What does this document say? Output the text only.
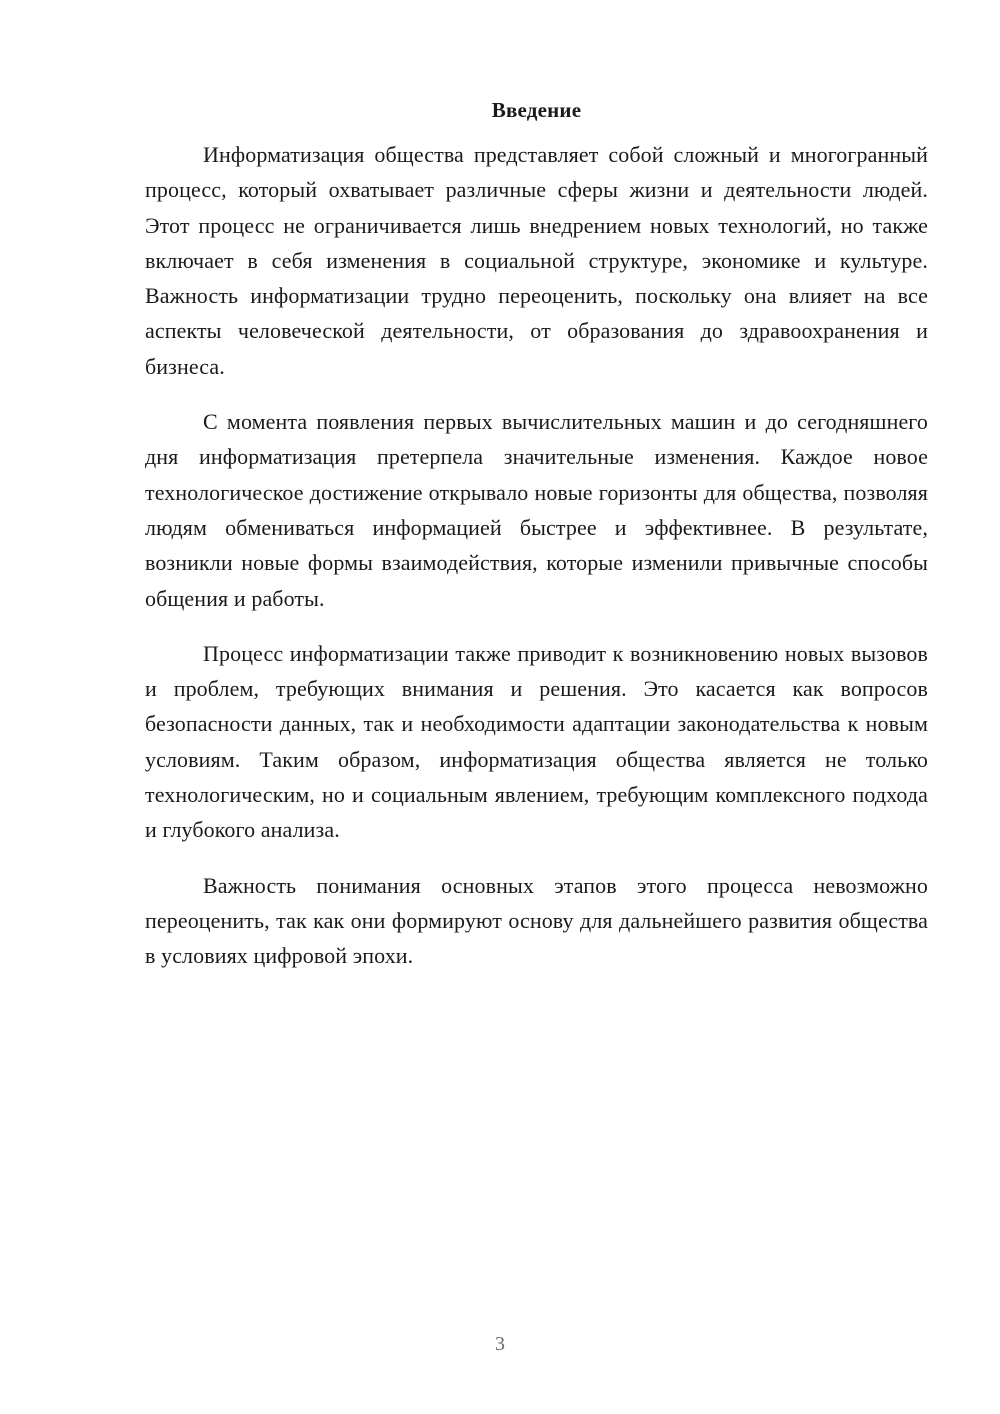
Введение

Информатизация общества представляет собой сложный и многогранный процесс, который охватывает различные сферы жизни и деятельности людей. Этот процесс не ограничивается лишь внедрением новых технологий, но также включает в себя изменения в социальной структуре, экономике и культуре. Важность информатизации трудно переоценить, поскольку она влияет на все аспекты человеческой деятельности, от образования до здравоохранения и бизнеса.

С момента появления первых вычислительных машин и до сегодняшнего дня информатизация претерпела значительные изменения. Каждое новое технологическое достижение открывало новые горизонты для общества, позволяя людям обмениваться информацией быстрее и эффективнее. В результате, возникли новые формы взаимодействия, которые изменили привычные способы общения и работы.

Процесс информатизации также приводит к возникновению новых вызовов и проблем, требующих внимания и решения. Это касается как вопросов безопасности данных, так и необходимости адаптации законодательства к новым условиям. Таким образом, информатизация общества является не только технологическим, но и социальным явлением, требующим комплексного подхода и глубокого анализа.

Важность понимания основных этапов этого процесса невозможно переоценить, так как они формируют основу для дальнейшего развития общества в условиях цифровой эпохи.

3
